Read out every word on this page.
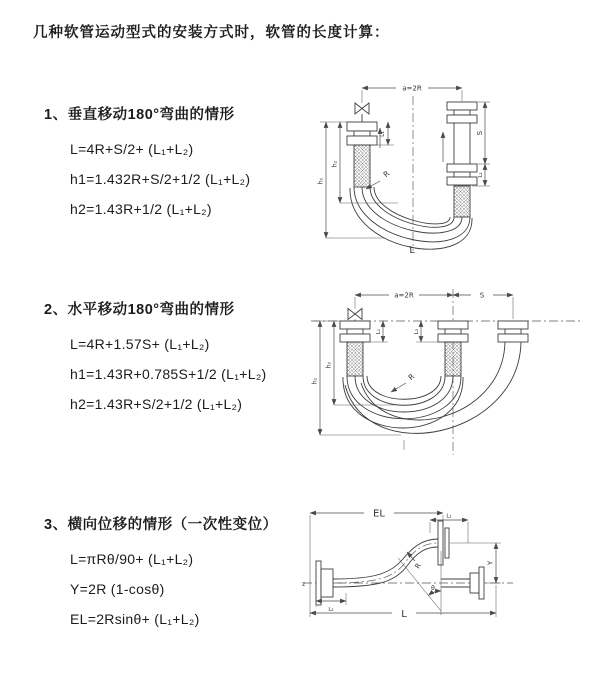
几种软管运动型式的安装方式时，软管的长度计算：
1、垂直移动180°弯曲的情形
L=4R+S/2+ (L₁+L₂)
h1=1.432R+S/2+1/2 (L₁+L₂)
h2=1.43R+1/2 (L₁+L₂)
a=2R
L₁	S
L₂
h₂
h₁
R
L
2、水平移动180°弯曲的情形
L=4R+1.57S+ (L₁+L₂)
h1=1.43R+0.785S+1/2 (L₁+L₂)
h2=1.43R+S/2+1/2 (L₁+L₂)
a=2R	S
L₁	L₂
h₂
h₁	R
3、横向位移的情形（一次性变位）
L=πRθ/90+ (L₁+L₂)
Y=2R (1-cosθ)
EL=2Rsinθ+ (L₁+L₂)
z
EL	L₁
Y
θ
R
L₂	L
